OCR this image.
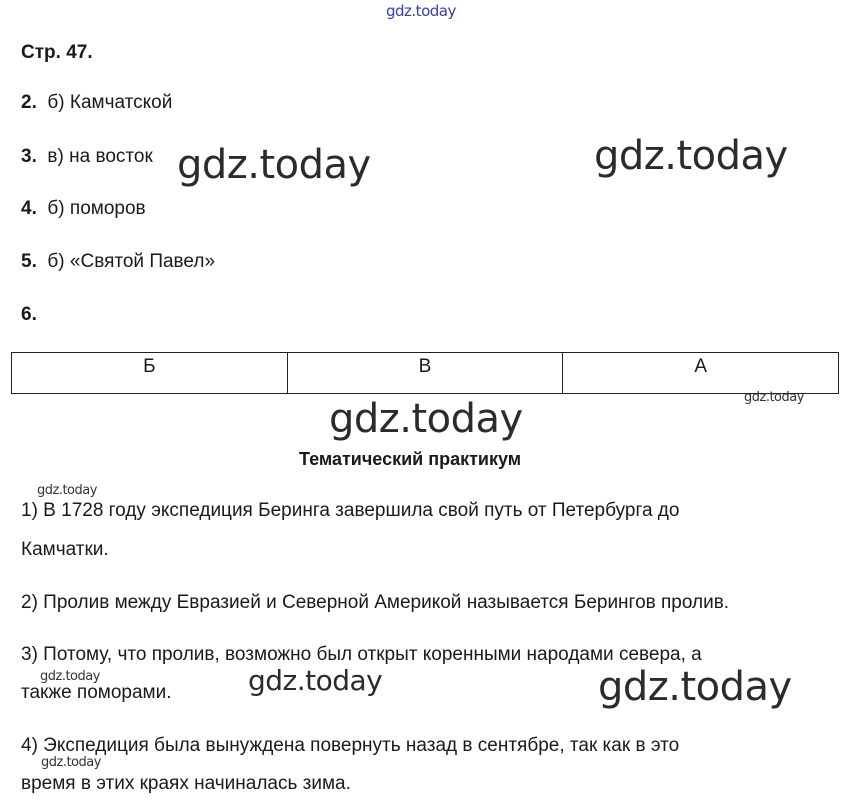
gdz.today
Стр. 47.
2. б) Камчатской
3. в) на восток
4. б) поморов
5. б) «Святой Павел»
6.
gdz.today	gdz.today
Б	В	А
gdz.today
gdz.today
Тематический практикум
gdz.today
1) В 1728 году экспедиция Беринга завершила свой путь от Петербурга до
Камчатки.
2) Пролив между Евразией и Северной Америкой называется Берингов пролив.
3) Потому, что пролив, возможно был открыт коренными народами севера, а
gdz.today
также поморами.	gdz.today	gdz.today
4) Экспедиция была вынуждена повернуть назад в сентябре, так как в это
gdz.today
время в этих краях начиналась зима.
